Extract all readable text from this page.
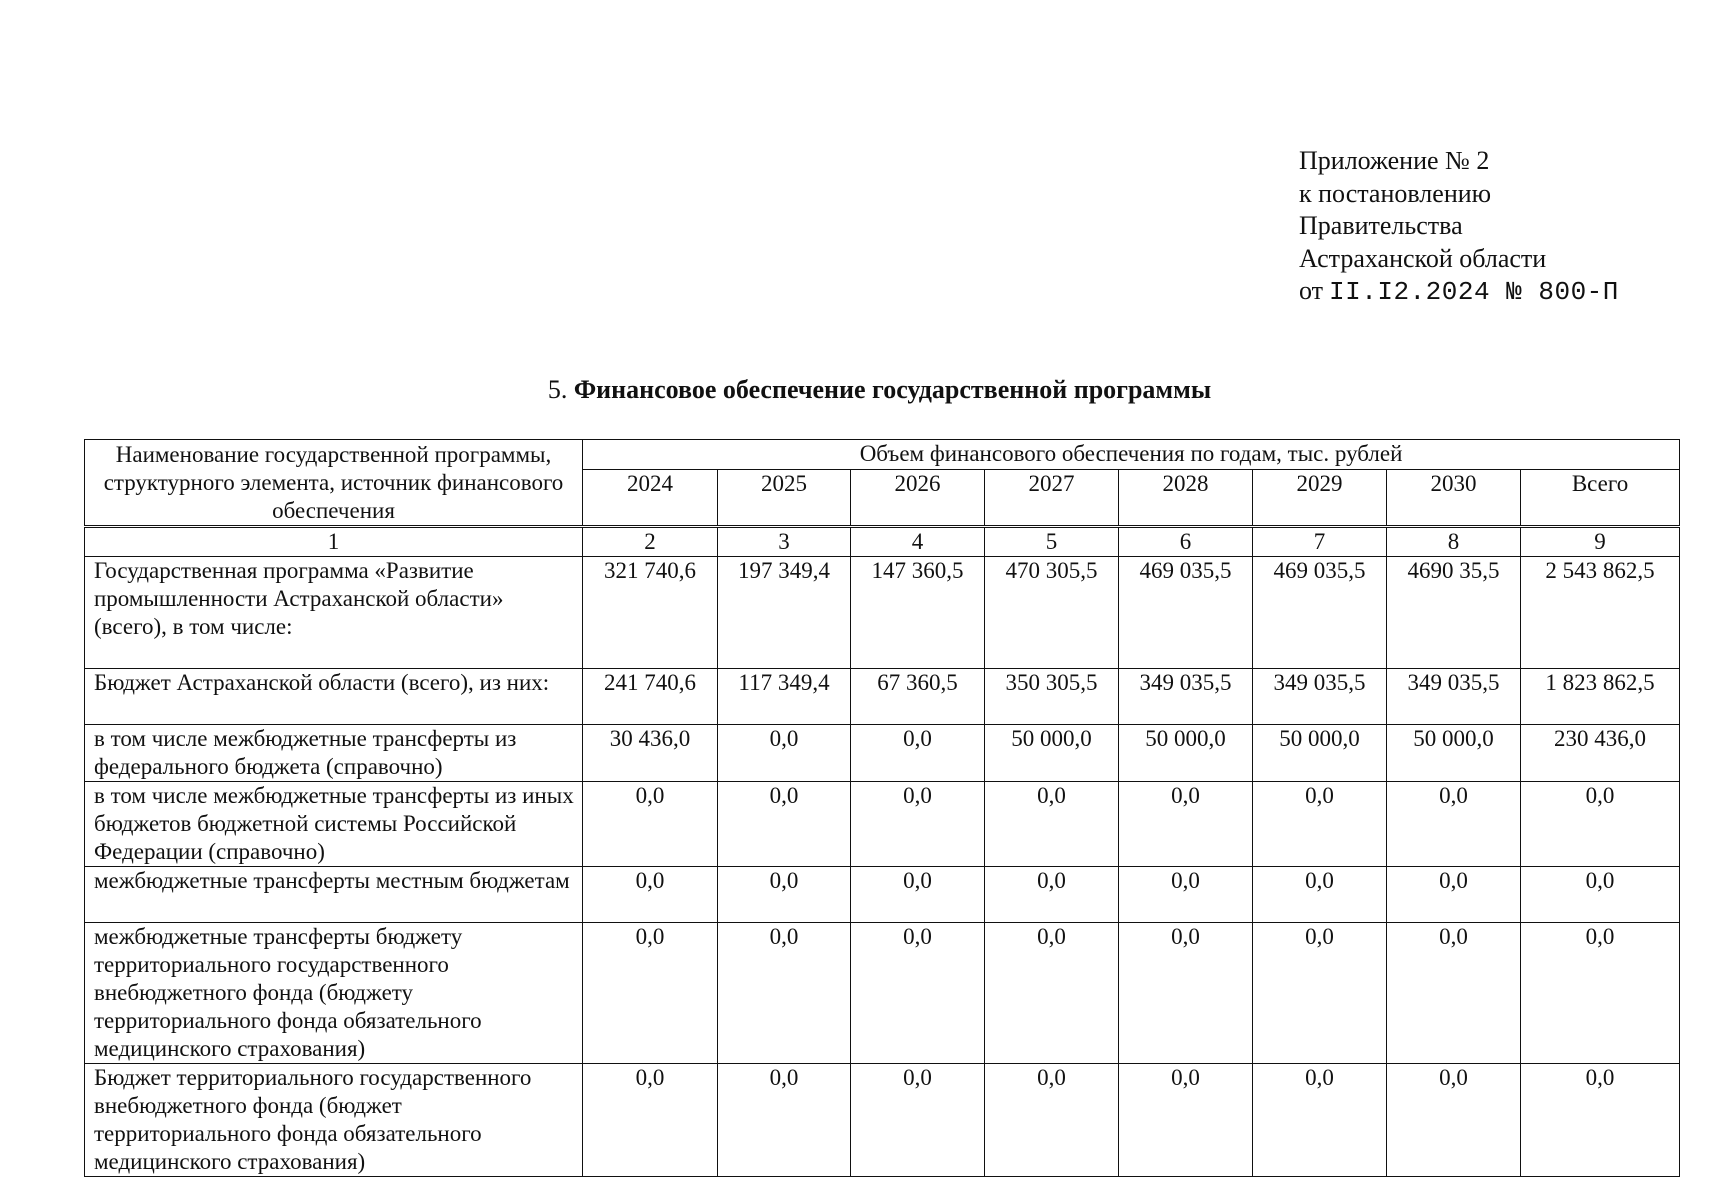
Приложение № 2
к постановлению
Правительства
Астраханской области
от II.I2.2024 № 800-П
5. Финансовое обеспечение государственной программы
Наименование государственной программы, структурного элемента, источник финансового обеспечения	Объем финансового обеспечения по годам, тыс. рублей							
	2024	2025	2026	2027	2028	2029	2030	Всего
1	2	3	4	5	6	7	8	9
Государственная программа «Развитие промышленности Астраханской области» (всего), в том числе:	321 740,6	197 349,4	147 360,5	470 305,5	469 035,5	469 035,5	4690 35,5	2 543 862,5
Бюджет Астраханской области (всего), из них:	241 740,6	117 349,4	67 360,5	350 305,5	349 035,5	349 035,5	349 035,5	1 823 862,5
в том числе межбюджетные трансферты из федерального бюджета (справочно)	30 436,0	0,0	0,0	50 000,0	50 000,0	50 000,0	50 000,0	230 436,0
в том числе межбюджетные трансферты из иных бюджетов бюджетной системы Российской Федерации (справочно)	0,0	0,0	0,0	0,0	0,0	0,0	0,0	0,0
межбюджетные трансферты местным бюджетам	0,0	0,0	0,0	0,0	0,0	0,0	0,0	0,0
межбюджетные трансферты бюджету территориального государственного внебюджетного фонда (бюджету территориального фонда обязательного медицинского страхования)	0,0	0,0	0,0	0,0	0,0	0,0	0,0	0,0
Бюджет территориального государственного внебюджетного фонда (бюджет территориального фонда обязательного медицинского страхования)	0,0	0,0	0,0	0,0	0,0	0,0	0,0	0,0
